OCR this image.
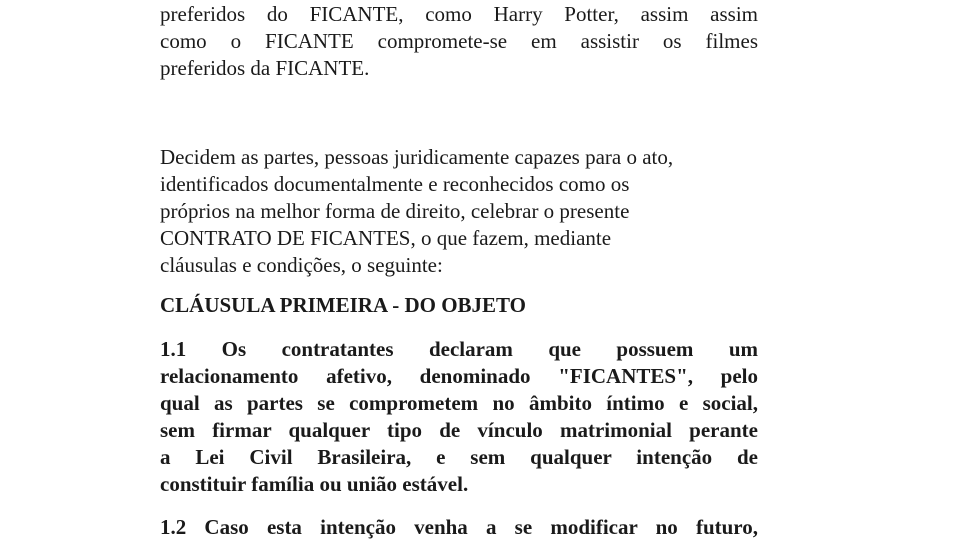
preferidos do FICANTE, como Harry Potter, assim assim
como o FICANTE compromete-se em assistir os filmes
preferidos da FICANTE.
Decidem as partes, pessoas juridicamente capazes para o ato,
identificados documentalmente e reconhecidos como os
próprios na melhor forma de direito, celebrar o presente
CONTRATO DE FICANTES, o que fazem, mediante
cláusulas e condições, o seguinte:
CLÁUSULA PRIMEIRA - DO OBJETO
1.1 Os contratantes declaram que possuem um
relacionamento afetivo, denominado "FICANTES", pelo
qual as partes se comprometem no âmbito íntimo e social,
sem firmar qualquer tipo de vínculo matrimonial perante
a Lei Civil Brasileira, e sem qualquer intenção de
constituir família ou união estável.
1.2 Caso esta intenção venha a se modificar no futuro,
